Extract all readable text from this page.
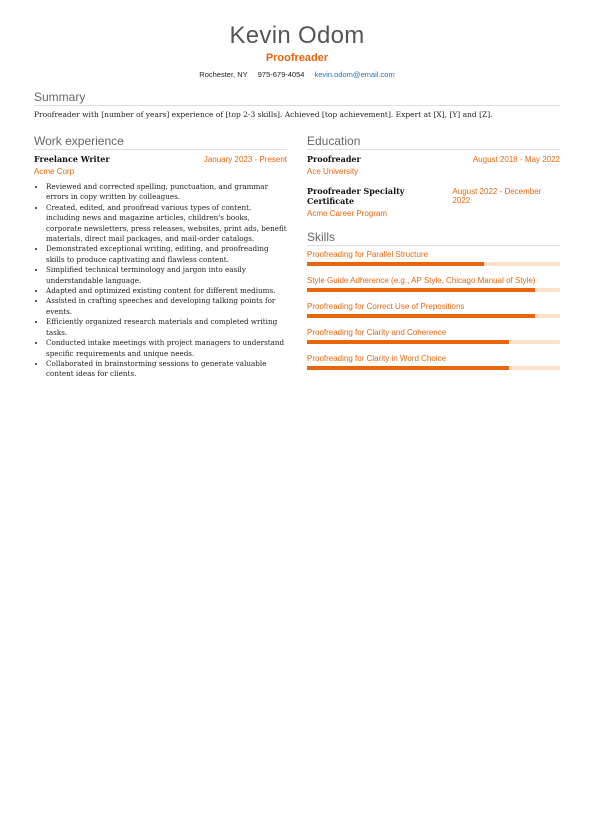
Kevin Odom
Proofreader
Rochester, NY 975-679-4054 kevin.odom@email.com
Summary
Proofreader with [number of years] experience of [top 2-3 skills]. Achieved [top achievement]. Expert at [X], [Y] and [Z].
Work experience
Freelance Writer	January 2023 - Present
Acme Corp
• Reviewed and corrected spelling, punctuation, and grammar errors in copy written by colleagues.
• Created, edited, and proofread various types of content, including news and magazine articles, children's books, corporate newsletters, press releases, websites, print ads, benefit materials, direct mail packages, and mail-order catalogs.
• Demonstrated exceptional writing, editing, and proofreading skills to produce captivating and flawless content.
• Simplified technical terminology and jargon into easily understandable language.
• Adapted and optimized existing content for different mediums.
• Assisted in crafting speeches and developing talking points for events.
• Efficiently organized research materials and completed writing tasks.
• Conducted intake meetings with project managers to understand specific requirements and unique needs.
• Collaborated in brainstorming sessions to generate valuable content ideas for clients.
Education
Proofreader	August 2018 - May 2022
Ace University
Proofreader Specialty Certificate
August 2022 - December 2022
Acme Career Program
Skills
Proofreading for Parallel Structure
Style Guide Adherence (e.g., AP Style, Chicago Manual of Style)
Proofreading for Correct Use of Prepositions
Proofreading for Clarity and Coherence
Proofreading for Clarity in Word Choice
